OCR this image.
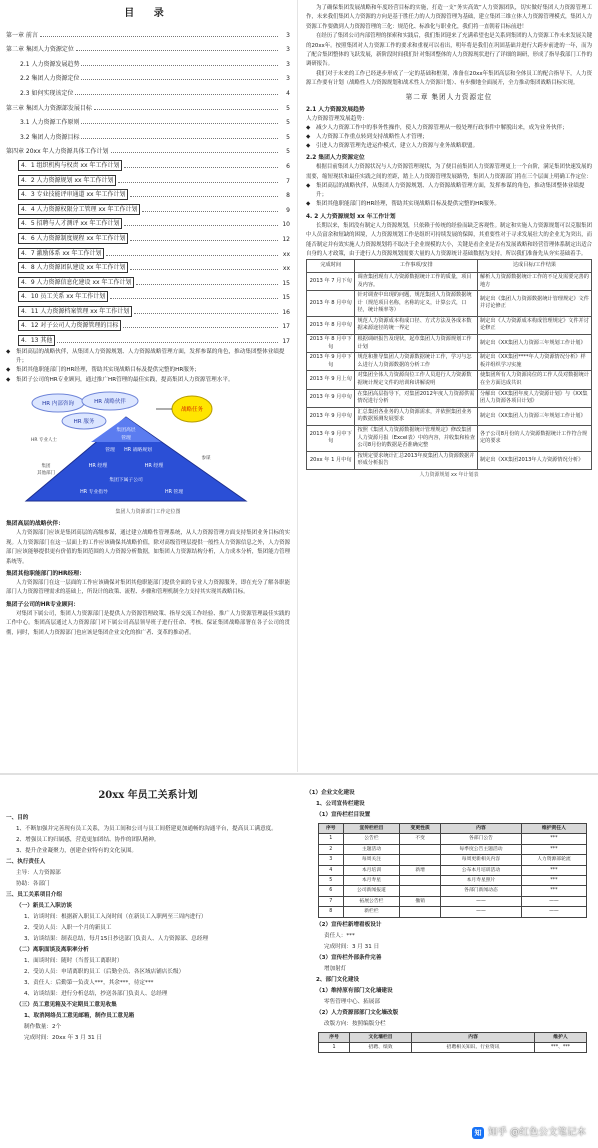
目 录
第一章 前言	3
第二章 集团人力资源定位	3
2.1 人力资源发展趋势	3
2.2 集团人力资源定位	3
2.3 如何实现该定位	4
第三章 集团人力资源部发展目标	5
3.1 人力资源工作原则	5
3.2 集团人力资源目标	5
第四章 20xx 年人力资源具体工作计划	5
4．1 组织机构与权责 xx 年工作计划	6
4．2 人力资源规划 xx 年工作计划	7
4．3 专业技能评审通道 xx 年工作计划	8
4．4 人力资源权限分工管理 xx 年工作计划	9
4．5 招聘与人才测评 xx 年工作计划	10
4．6 人力资源制度规程 xx 年工作计划	12
4．7 激励体系 xx 年工作计划	xx
4．8 人力资源团队建设 xx 年工作计划	xx
4．9 人力资源信息化建设 xx 年工作计划	15
4．10 员工关系 xx 年工作计划	15
4．11 人力资源档案管理 xx 年工作计划	16
4．12 对子公司人力资源管理的目标	17
4．13 其他	17
◆	集团高层的战略伙伴，从集团人力资源规划、人力资源战略管理方面，发挥参谋的角色，推动集团整体业绩提升；
◆	集团其他职能部门的HR经理，帮助其实现战略目标及提供完整的HR服务；
◆	集团子公司的HR专业顾问，通过推广HR管理的最佳实践，提高集团人力资源管理水平。
HR 内部咨询	HR 战略伙伴
HR 服务
战略任务
HR 专业人士
集团高层
管理
管理 HR 战略规划
HR 经理	HR 经理
集团下属子公司
HR 专业指导	HR 管理
集团
其他部门
参谋
集团人力资源部门工作定位图
集团高层的战略伙伴：

人力资源部门应该是集团高层的高级参谋，通过建立战略性管理系统，从人力资源管理方面支持集团业务目标的实现。人力资源部门在这一层面上的工作应该确保其战略价值，除对高级管理层提供一般性人力资源信息之外，人力资源部门应该能够提供更有价值的集团范围的人力资源分析数据，如集团人力资源结构分析，人力成本分析，集团能力管理系统等。

集团其他职能部门的HR经理：

人力资源部门在这一层面的工作应该确保对集团其他职能部门提供全面的专业人力资源服务，即在充分了解各职能部门人力资源管理需求的基础上，所设计的政策、流程、步骤和管理机制全力支持其实现其战略目标。

集团子公司的HR专业顾问：

对集团下属公司，集团人力资源部门是提供人力资源管理政策、指导交流工作经验、推广人力资源管理最佳实践的工作中心。集团高层通过人力资源部门对下属公司高层领导班子进行任命、考核、保证集团战略部署在各子公司的贯彻，同时，集团人力资源部门也应该是集团企业文化的推广者、变革的推动者。

为了确保集团发展战略和年度经营目标的实施，打造一支“务实高效”人力资源团队，切实做好集团人力资源管理工作，未来我们集团人力资源的方向是基于胜任力的人力资源管理为基础，建立集团三维立体人力资源管理模式，集团人力资源工作要做到人力资源管理的三化：规范化、标准化与职业化，我们将一直朝着目标前进！

在经历了集团公司内部管理的探索和实践后，我们集团迎来了充满希望也是关系到集团的人力资源工作未来发展关键的20xx年。按照集团对人力资源工作的要求和重视可以看出，明年将是我们在巩固基础并进行大跨步前进的一年，而为了配合集团整体的飞跃发展，新阶段时间我们针对集团整体的人力资源现状进行了详细的调研，形成了指导我部门工作的调研报告。

我们对于未来的工作已经逐步形成了一定的基础和框架，准备在20xx年集团高层和全体员工的配合指导下，人力资源工作要有计划（战略性人力资源规划和战术性人力资源计划）、有步骤地全面展开，全力推动集团战略目标实现。

第二章 集团人力资源定位
2.1 人力资源发展趋势
人力资源管理发展趋势：
◆	减少人力资源工作中的事务性操作，使人力资源管理从一般处理行政事件中解脱出来，成为业务伙伴；
◆	人力资源工作重点转到支持战略性人才管理；
◆	引进人力资源管理先进运作模式，建立人力资源与业务战略联盟。
2.2 集团人力资源定位

根据目前集团人力资源状况与人力资源管理现状，为了便目前集团人力资源管理更上一个台阶，满足集团快速发展的需要，缩短现状和最佳实践之间的差距，踏上人力资源管理发展路势，集团人力资源部门将在三个层面上明确工作定位：

◆	集团高层的战略伙伴，从集团人力资源规划、人力资源战略管理方面，发挥参谋的角色，推动集团整体业绩提升；
◆	集团其他职能部门的HR经理，帮助其实现战略目标及提供完整的HR服务。
4. 2 人力资源规划 xx 年工作计划

长期以来，集团没有制定人力资源规划，只依赖于传统的经验而缺乏客观性。制定和实施人力资源规划可以克服集团中人员富余和短缺的困境，人力资源规划工作是组织可持续发展的保障，其重要性对于寻求发展壮大的企业尤为突出，而能否制定并有效实施人力资源规划将不取决于企业规模的大小，关键是看企业是否有发展战略和经营管理体系制定出适合自身的人才政策，由于进行人力资源规划需要大量的人力资源统计基础数据为支持，所以我们准备先从夯实基础着手。

完成时间	工作事项/安排	达成目标/工作结果
2013 年 7 月下旬	调查集团现有人力资源数据统计工作的质量，项目及内容。	解析人力资源数据统计工作的不足及需要完善的地方
2013 年 8 月中旬	针对调查中出现的问题，规范集团人力资源数据统计（规范项目名称，名称的定义，计算公式，口径，统计频率等）	制定出《集团人力资源数据统计管理规定》文件并讨论修正
2013 年 8 月中旬	规范人力资源成本构成口径、方式方法及各成本数据来源途径的统一界定	制定出《人力资源成本构成管理规定》文件并讨论修正
2013 年 8 月中下旬	根据调研报告及现状，起草集团人力资源规划工作计划	制定出《XX集团人力资源三年规划工作计划》
2013 年 9 月中下旬	规范和推导集团人力资源数据统计工作，学习与怎么进行人力资源数据的分析工作	制定出《XX集团****年人力资源情况分析》样板并组织学习实施
2013 年 9 月上旬	对集团全体人力资源岗位工作人员进行人力资源数据统计规定文件的培训和讲解说明	使集团所有人力资源岗位的工作人员对数据统计在全方面达成共识
2013 年 9 月中旬	在集团高层指导下，对集团2012年度人力资源供需情况进行分析	分解出《XX集团年度人力资源计划》与《XX集团人力资源各项目计划》
2013 年 9 月中旬	汇总集团各业务的人力资源需求，并依照集团业务的数据预测发展要求	制定出《XX集团人力资源三年规划工作计划》
2013 年 9 月中下旬	按照《集团人力资源数据统计管理规定》修改集团人力资源月报（Excel表）中的内容，并收集和检查公司8月份的数据是否准确完整	各子公司8月份的人力资源数据统计工作符合规定的要求
20xx 年 1 月中旬	按规定要求统计汇总2013年度集团人力资源数据并形成分析报告	制定出《XX集团2013年人力资源情况分析》
人力资源规划 xx 年计划表
20xx 年员工关系计划
一、目的
1、不断加强并完善现有员工关系，为员工间和公司与员工间搭建更加通畅的沟通平台，提高员工满意度。
2、增强员工的归属感，营造更加团结、协作的团队精神。
3、提升企业凝聚力，创建企业特有的文化氛围。
二、执行责任人
主导：人力资源部
协助：各部门
三、员工关系项目介绍
（一）新员工入职访谈
1、访谈时间：根据新入职员工入岗时间（在新员工入职两至三周内进行）
2、受访人员：入职一个月的新员工
3、访谈结果：制表总结，每月15日抄送部门负责人、人力资源部、总经理
（二）离职面谈及离职率分析
1、面谈时间：随时（当普员工离职时）
2、受访人员：申请离职的员工（后勤全员、各区域店铺店长级）
3、责任人：后勤第一负责人***，其余***，待定***
4、访谈结果：进行分析总结，抄送各部门负责人、总经理
（三）员工意见箱及不定期员工意见收集
1、取消网络员工意见邮箱，制作员工意见箱
制作数量：2个
完成时间：20xx 年 3 月 31 日
（1）企业文化建设
1、公司宣传栏建设
（1）宣传栏栏目设置
序号	宣传栏栏目	变更性质	内容	维护责任人
1	公告栏	不变	各部门公告	***
2	主题活动		每季度公告主题活动	***
3	每周关注		每周更新相关内容	人力资源部轮流
4	本月培训	新增	公布本月培训活动	***
5	本月寿星		本月寿星照片	***
6	公司新闻报道		各部门新闻动态	***
7	拓展公告栏	撤销	——	——
8	新栏栏		——	——
（2）宣传栏新增看板设计
责任人：***
完成时间：3 月 31 日
（3）宣传栏外部条件完善
增加射灯
2、部门文化建设
（1）维持原有部门文化墙建设
零售管理中心、拓展部
（2）人力资源部部门文化墙改版
改版方向：按照编版分栏
序号	文化墙栏目	内容	维护人
1	招聘、绩效	招聘相关知识、行业资讯	***、***
知 知乎 @红色公文笔记本
